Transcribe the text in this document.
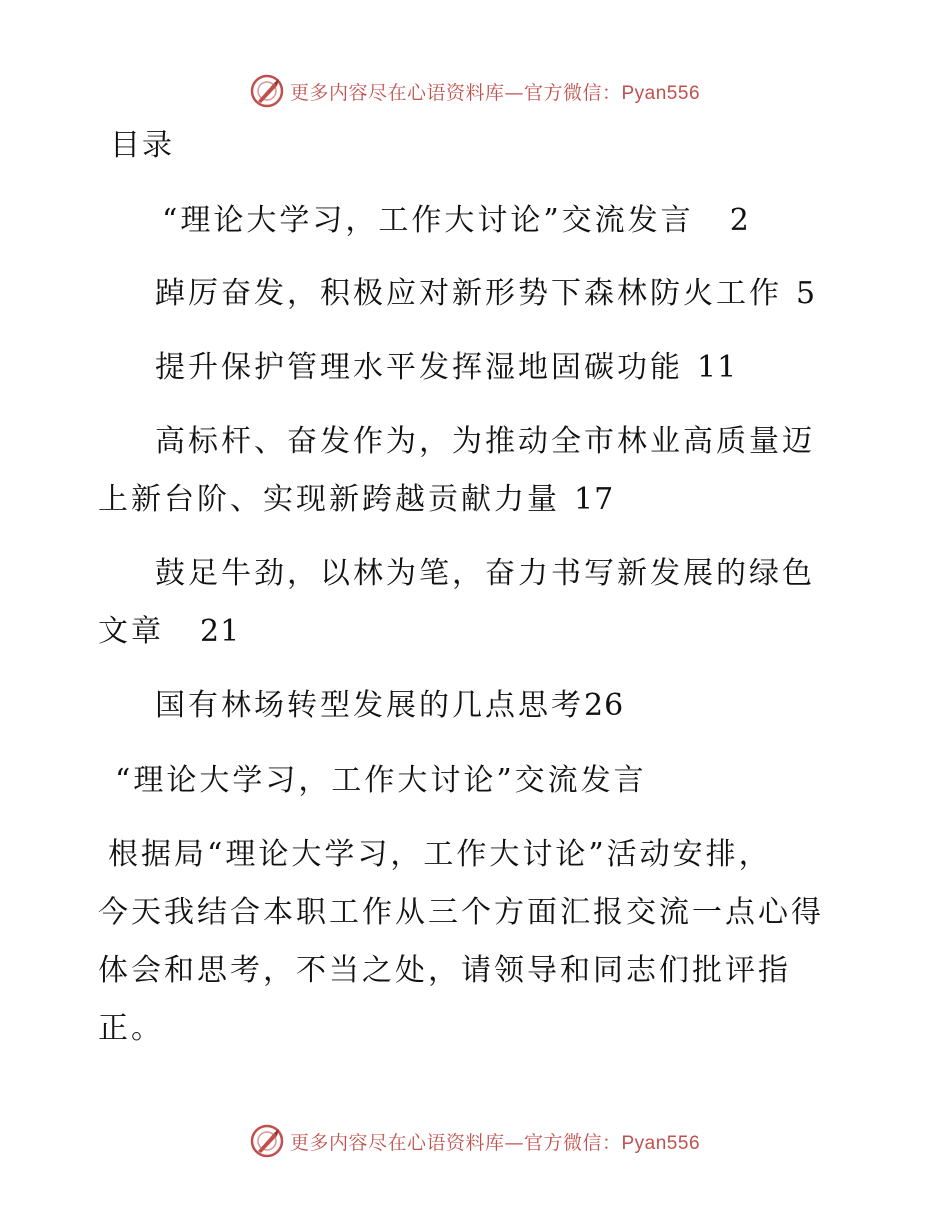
更多内容尽在心语资料库—官方微信：Pyan556
目录
“理论大学习，工作大讨论”交流发言 2
踔厉奋发，积极应对新形势下森林防火工作 5
提升保护管理水平发挥湿地固碳功能 11
高标杆、奋发作为，为推动全市林业高质量迈
上新台阶、实现新跨越贡献力量 17
鼓足牛劲，以林为笔，奋力书写新发展的绿色
文章 21
国有林场转型发展的几点思考26
“理论大学习，工作大讨论”交流发言
根据局“理论大学习，工作大讨论”活动安排，
今天我结合本职工作从三个方面汇报交流一点心得
体会和思考，不当之处，请领导和同志们批评指
正。
更多内容尽在心语资料库—官方微信：Pyan556
